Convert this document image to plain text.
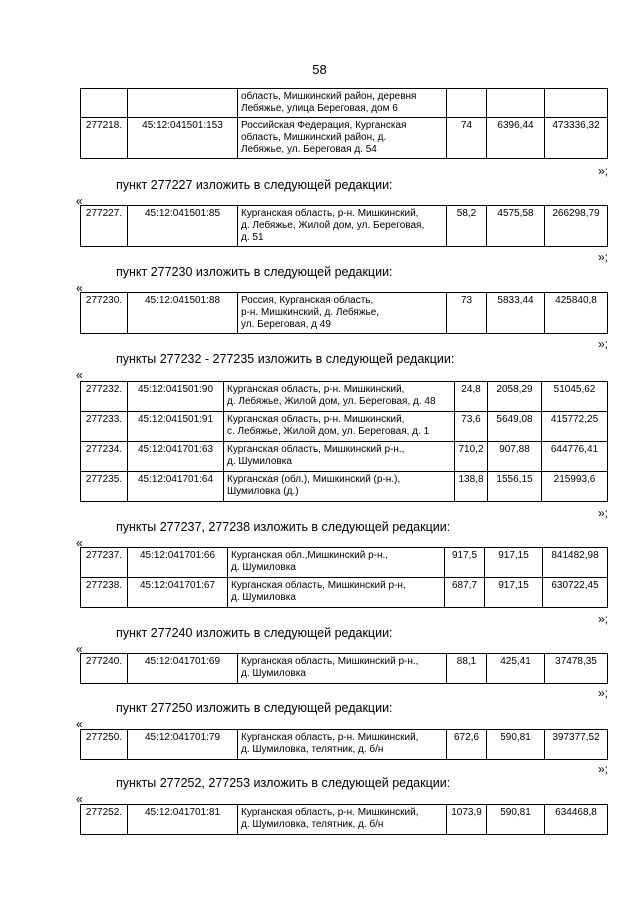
58
		область, Мишкинский район, деревня
Лебяжье, улица Береговая, дом 6			
277218.	45:12:041501:153	Российская Федерация, Курганская
область, Мишкинский район, д.
Лебяжье, ул. Береговая д. 54	74	6396,44	473336,32
»;
пункт 277227 изложить в следующей редакции:
«
277227.	45:12:041501:85	Курганская область, р-н. Мишкинский,
д. Лебяжье, Жилой дом, ул. Береговая,
д. 51	58,2	4575,58	266298,79
»;
пункт 277230 изложить в следующей редакции:
«
277230.	45:12:041501:88	Россия, Курганская область,
р-н. Мишкинский, д. Лебяжье,
ул. Береговая, д 49	73	5833,44	425840,8
»;
пункты 277232 - 277235 изложить в следующей редакции:
«
277232.	45:12:041501:90	Курганская область, р-н. Мишкинский,
д. Лебяжье, Жилой дом, ул. Береговая, д. 48	24,8	2058,29	51045,62
277233.	45:12:041501:91	Курганская область, р-н. Мишкинский,
с. Лебяжье, Жилой дом, ул. Береговая, д. 1	73,6	5649,08	415772,25
277234.	45:12:041701:63	Курганская область, Мишкинский р-н.,
д. Шумиловка	710,2	907,88	644776,41
277235.	45:12:041701:64	Курганская (обл.), Мишкинский (р-н.),
Шумиловка (д.)	138,8	1556,15	215993,6
»;
пункты 277237, 277238 изложить в следующей редакции:
«
277237.	45:12:041701:66	Курганская обл.,Мишкинский р-н.,
д. Шумиловка	917,5	917,15	841482,98
277238.	45:12:041701:67	Курганская область, Мишкинский р-н,
д. Шумиловка	687,7	917,15	630722,45
»;
пункт 277240 изложить в следующей редакции:
«
277240.	45:12:041701:69	Курганская область, Мишкинский р-н.,
д. Шумиловка	88,1	425,41	37478,35
»;
пункт 277250 изложить в следующей редакции:
«
277250.	45:12:041701:79	Курганская область, р-н. Мишкинский,
д. Шумиловка, телятник, д. б/н	672,6	590,81	397377,52
»;
пункты 277252, 277253 изложить в следующей редакции:
«
277252.	45:12:041701:81	Курганская область, р-н. Мишкинский,
д. Шумиловка, телятник, д. б/н	1073,9	590,81	634468,8
